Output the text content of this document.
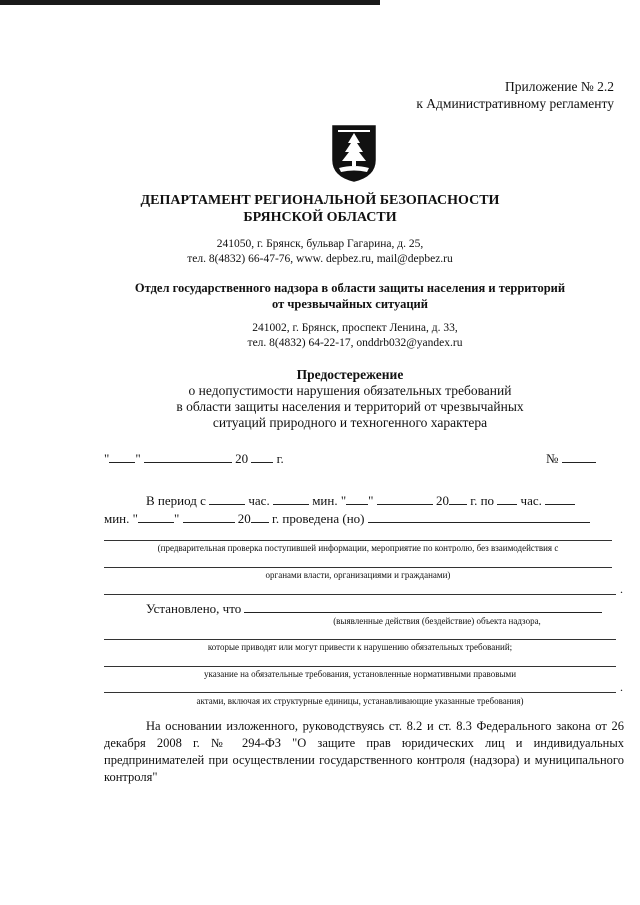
Приложение № 2.2
к Административному регламенту
ДЕПАРТАМЕНТ РЕГИОНАЛЬНОЙ БЕЗОПАСНОСТИ
БРЯНСКОЙ ОБЛАСТИ
241050, г. Брянск, бульвар Гагарина, д. 25,
тел. 8(4832) 66-47-76, www. depbez.ru, mail@depbez.ru
Отдел государственного надзора в области защиты населения и территорий
от чрезвычайных ситуаций
241002, г. Брянск, проспект Ленина, д. 33,
тел. 8(4832) 64-22-17, onddrb032@yandex.ru
Предостережение
о недопустимости нарушения обязательных требований
в области защиты населения и территорий от чрезвычайных
ситуаций природного и техногенного характера
" "	20 г.	№
В период с	час.	мин. " "	20 г. по час.
мин. "	"	20 г. проведена (но)
(предварительная проверка поступившей информации, мероприятие по контролю, без взаимодействия с
органами власти, организациями и гражданами)
.
Установлено, что
(выявленные действия (бездействие) объекта надзора,
которые приводят или могут привести к нарушению обязательных требований;
указание на обязательные требования, установленные нормативными правовыми
.
актами, включая их структурные единицы, устанавливающие указанные требования)
На основании изложенного, руководствуясь ст. 8.2 и ст. 8.3 Федерального закона от 26 декабря 2008 г. № 294-ФЗ "О защите прав юридических лиц и индивидуальных предпринимателей при осуществлении государственного контроля (надзора) и муниципального контроля"
